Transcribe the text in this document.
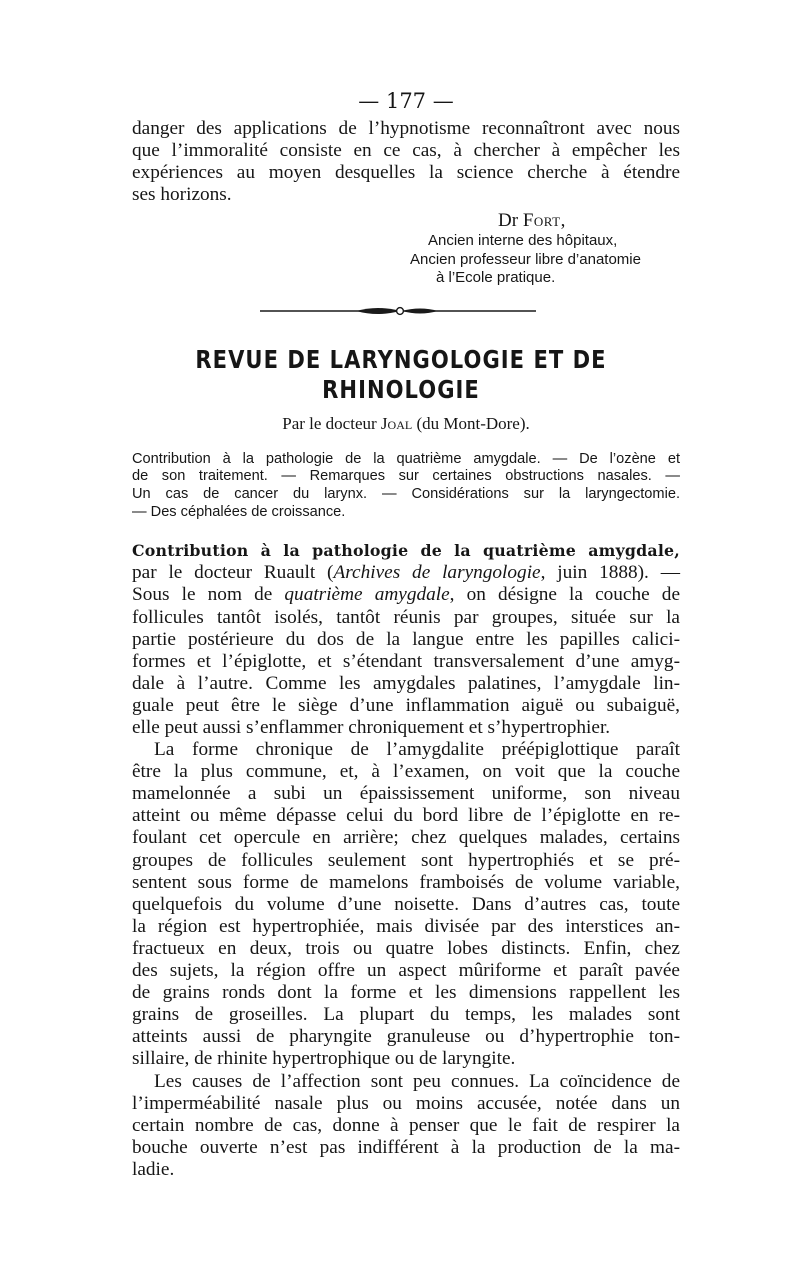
— 177 —
danger des applications de l’hypnotisme reconnaîtront avec nous
que l’immoralité consiste en ce cas, à chercher à empêcher les
expériences au moyen desquelles la science cherche à étendre
ses horizons.
Dr Fort,
Ancien interne des hôpitaux,
Ancien professeur libre d’anatomie
à l’Ecole pratique.
REVUE DE LARYNGOLOGIE ET DE RHINOLOGIE
Par le docteur Joal (du Mont-Dore).
Contribution à la pathologie de la quatrième amygdale. — De l’ozène et
de son traitement. — Remarques sur certaines obstructions nasales. —
Un cas de cancer du larynx. — Considérations sur la laryngectomie.
— Des céphalées de croissance.
Contribution à la pathologie de la quatrième amygdale,
par le docteur Ruault (Archives de laryngologie, juin 1888). —
Sous le nom de quatrième amygdale, on désigne la couche de
follicules tantôt isolés, tantôt réunis par groupes, située sur la
partie postérieure du dos de la langue entre les papilles calici-
formes et l’épiglotte, et s’étendant transversalement d’une amyg-
dale à l’autre. Comme les amygdales palatines, l’amygdale lin-
guale peut être le siège d’une inflammation aiguë ou subaiguë,
elle peut aussi s’enflammer chroniquement et s’hypertrophier.
La forme chronique de l’amygdalite préépiglottique paraît
être la plus commune, et, à l’examen, on voit que la couche
mamelonnée a subi un épaississement uniforme, son niveau
atteint ou même dépasse celui du bord libre de l’épiglotte en re-
foulant cet opercule en arrière; chez quelques malades, certains
groupes de follicules seulement sont hypertrophiés et se pré-
sentent sous forme de mamelons framboisés de volume variable,
quelquefois du volume d’une noisette. Dans d’autres cas, toute
la région est hypertrophiée, mais divisée par des interstices an-
fractueux en deux, trois ou quatre lobes distincts. Enfin, chez
des sujets, la région offre un aspect mûriforme et paraît pavée
de grains ronds dont la forme et les dimensions rappellent les
grains de groseilles. La plupart du temps, les malades sont
atteints aussi de pharyngite granuleuse ou d’hypertrophie ton-
sillaire, de rhinite hypertrophique ou de laryngite.
Les causes de l’affection sont peu connues. La coïncidence de
l’imperméabilité nasale plus ou moins accusée, notée dans un
certain nombre de cas, donne à penser que le fait de respirer la
bouche ouverte n’est pas indifférent à la production de la ma-
ladie.
